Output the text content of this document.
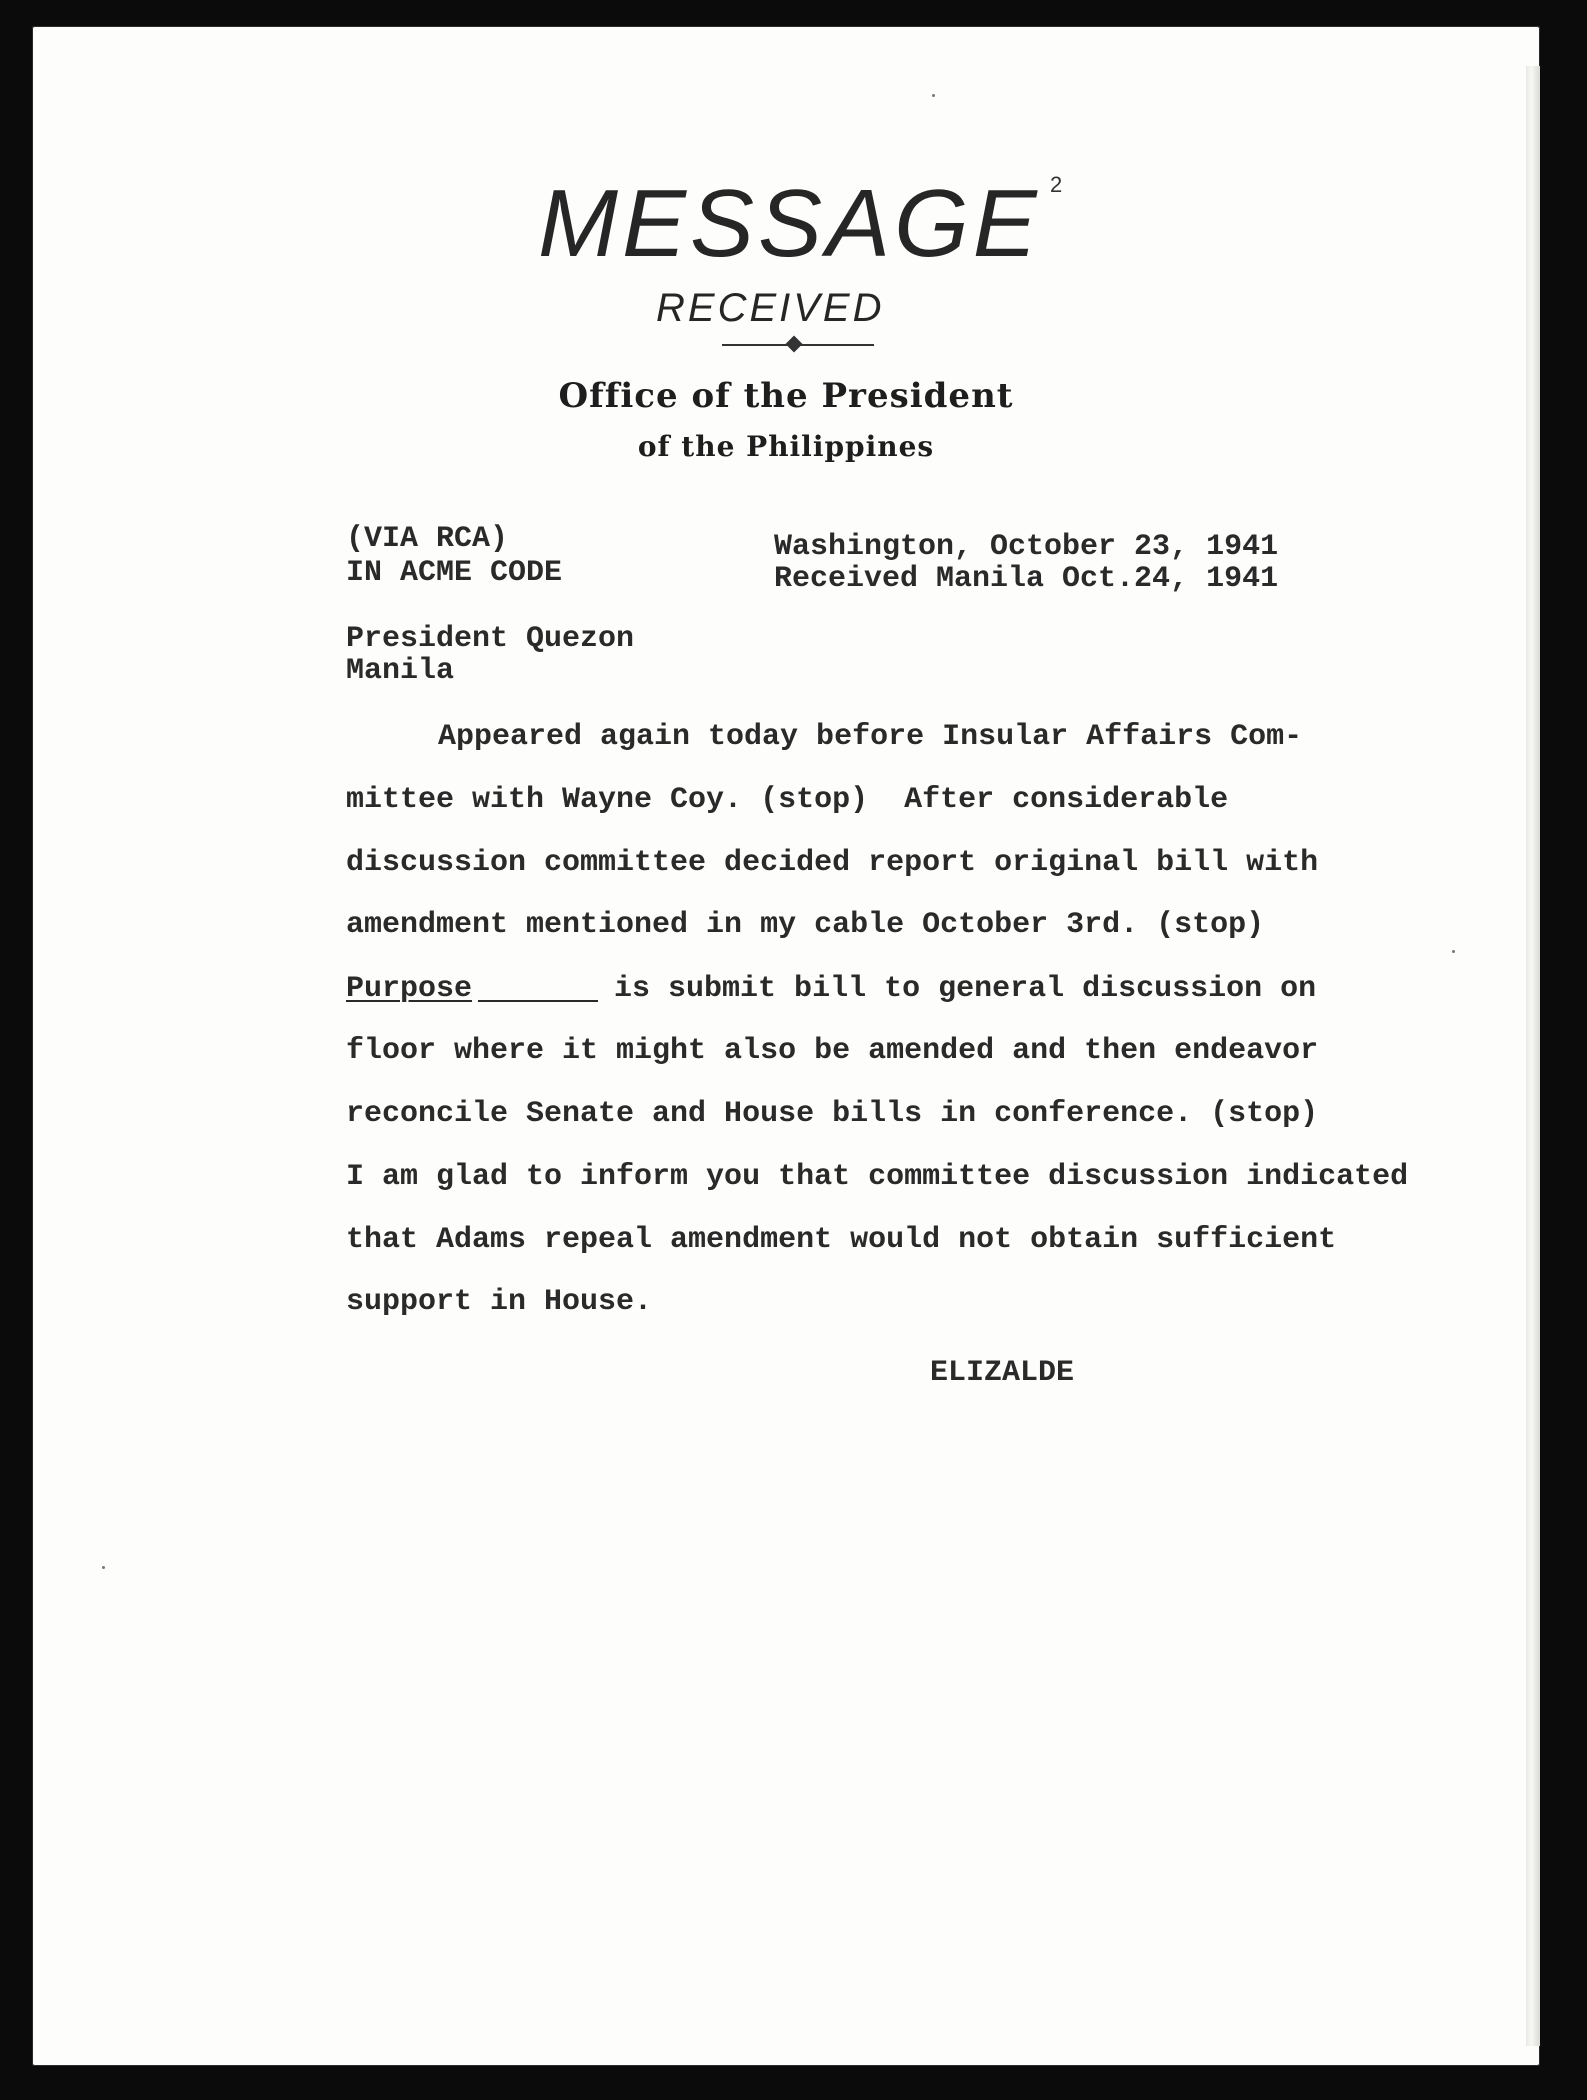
MESSAGE 2
RECEIVED
Office of the President
of the Philippines
(VIA RCA)
IN ACME CODE
Washington, October 23, 1941
Received Manila Oct.24, 1941
President Quezon
Manila
Appeared again today before Insular Affairs Com-
mittee with Wayne Coy. (stop)  After considerable
discussion committee decided report original bill with
amendment mentioned in my cable October 3rd. (stop)
Purpose	is submit bill to general discussion on
floor where it might also be amended and then endeavor
reconcile Senate and House bills in conference. (stop)
I am glad to inform you that committee discussion indicated
that Adams repeal amendment would not obtain sufficient
support in House.
ELIZALDE
